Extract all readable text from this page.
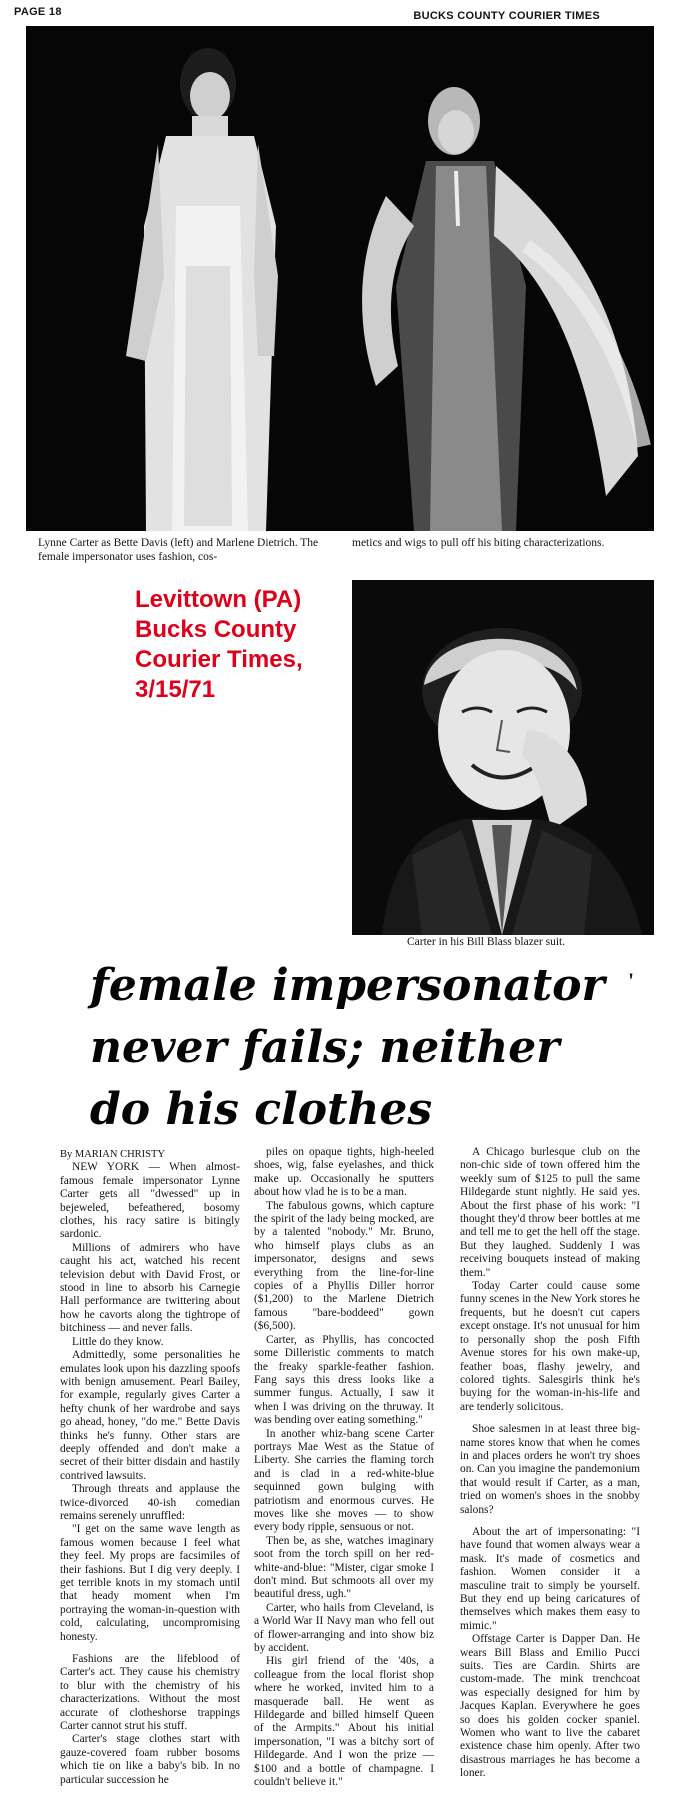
PAGE 18	BUCKS COUNTY COURIER TIMES
Lynne Carter as Bette Davis (left) and Marlene Dietrich. The female impersonator uses fashion, cos-
metics and wigs to pull off his biting characterizations.
Levittown (PA)
Bucks County
Courier Times,
3/15/71
Carter in his Bill Blass blazer suit.
female impersonator
never fails; neither
do his clothes
'

By MARIAN CHRISTY

NEW YORK — When almost-famous female impersonator Lynne Carter gets all "dwessed" up in bejeweled, befeathered, bosomy clothes, his racy satire is bitingly sardonic.

Millions of admirers who have caught his act, watched his recent television debut with David Frost, or stood in line to absorb his Carnegie Hall performance are twittering about how he cavorts along the tightrope of bitchiness — and never falls.

Little do they know.

Admittedly, some personalities he emulates look upon his dazzling spoofs with benign amusement. Pearl Bailey, for example, regularly gives Carter a hefty chunk of her wardrobe and says go ahead, honey, "do me." Bette Davis thinks he's funny. Other stars are deeply offended and don't make a secret of their bitter disdain and hastily contrived lawsuits.

Through threats and applause the twice-divorced 40-ish comedian remains serenely unruffled:

"I get on the same wave length as famous women because I feel what they feel. My props are facsimiles of their fashions. But I dig very deeply. I get terrible knots in my stomach until that heady moment when I'm portraying the woman-in-question with cold, calculating, uncompromising honesty.

Fashions are the lifeblood of Carter's act. They cause his chemistry to blur with the chemistry of his characterizations. Without the most accurate of clotheshorse trappings Carter cannot strut his stuff.

Carter's stage clothes start with gauze-covered foam rubber bosoms which tie on like a baby's bib. In no particular succession he

piles on opaque tights, high-heeled shoes, wig, false eyelashes, and thick make up. Occasionally he sputters about how vlad he is to be a man.

The fabulous gowns, which capture the spirit of the lady being mocked, are by a talented "nobody." Mr. Bruno, who himself plays clubs as an impersonator, designs and sews everything from the line-for-line copies of a Phyllis Diller horror ($1,200) to the Marlene Dietrich famous "bare-boddeed" gown ($6,500).

Carter, as Phyllis, has concocted some Dilleristic comments to match the freaky sparkle-feather fashion. Fang says this dress looks like a summer fungus. Actually, I saw it when I was driving on the thruway. It was bending over eating something."

In another whiz-bang scene Carter portrays Mae West as the Statue of Liberty. She carries the flaming torch and is clad in a red-white-blue sequinned gown bulging with patriotism and enormous curves. He moves like she moves — to show every body ripple, sensuous or not.

Then be, as she, watches imaginary soot from the torch spill on her red-white-and-blue: "Mister, cigar smoke I don't mind. But schmoots all over my beautiful dress, ugh."

Carter, who hails from Cleveland, is a World War II Navy man who fell out of flower-arranging and into show biz by accident.

His girl friend of the '40s, a colleague from the local florist shop where he worked, invited him to a masquerade ball. He went as Hildegarde and billed himself Queen of the Armpits." About his initial impersonation, "I was a bitchy sort of Hildegarde. And I won the prize — $100 and a bottle of champagne. I couldn't believe it."

A Chicago burlesque club on the non-chic side of town offered him the weekly sum of $125 to pull the same Hildegarde stunt nightly. He said yes. About the first phase of his work: "I thought they'd throw beer bottles at me and tell me to get the hell off the stage. But they laughed. Suddenly I was receiving bouquets instead of making them."

Today Carter could cause some funny scenes in the New York stores he frequents, but he doesn't cut capers except onstage. It's not unusual for him to personally shop the posh Fifth Avenue stores for his own make-up, feather boas, flashy jewelry, and colored tights. Salesgirls think he's buying for the woman-in-his-life and are tenderly solicitous.

Shoe salesmen in at least three big-name stores know that when he comes in and places orders he won't try shoes on. Can you imagine the pandemonium that would result if Carter, as a man, tried on women's shoes in the snobby salons?

About the art of impersonating: "I have found that women always wear a mask. It's made of cosmetics and fashion. Women consider it a masculine trait to simply be yourself. But they end up being caricatures of themselves which makes them easy to mimic."

Offstage Carter is Dapper Dan. He wears Bill Blass and Emilio Pucci suits. Ties are Cardin. Shirts are custom-made. The mink trenchcoat was especially designed for him by Jacques Kaplan. Everywhere he goes so does his golden cocker spaniel. Women who want to live the cabaret existence chase him openly. After two disastrous marriages he has become a loner.
